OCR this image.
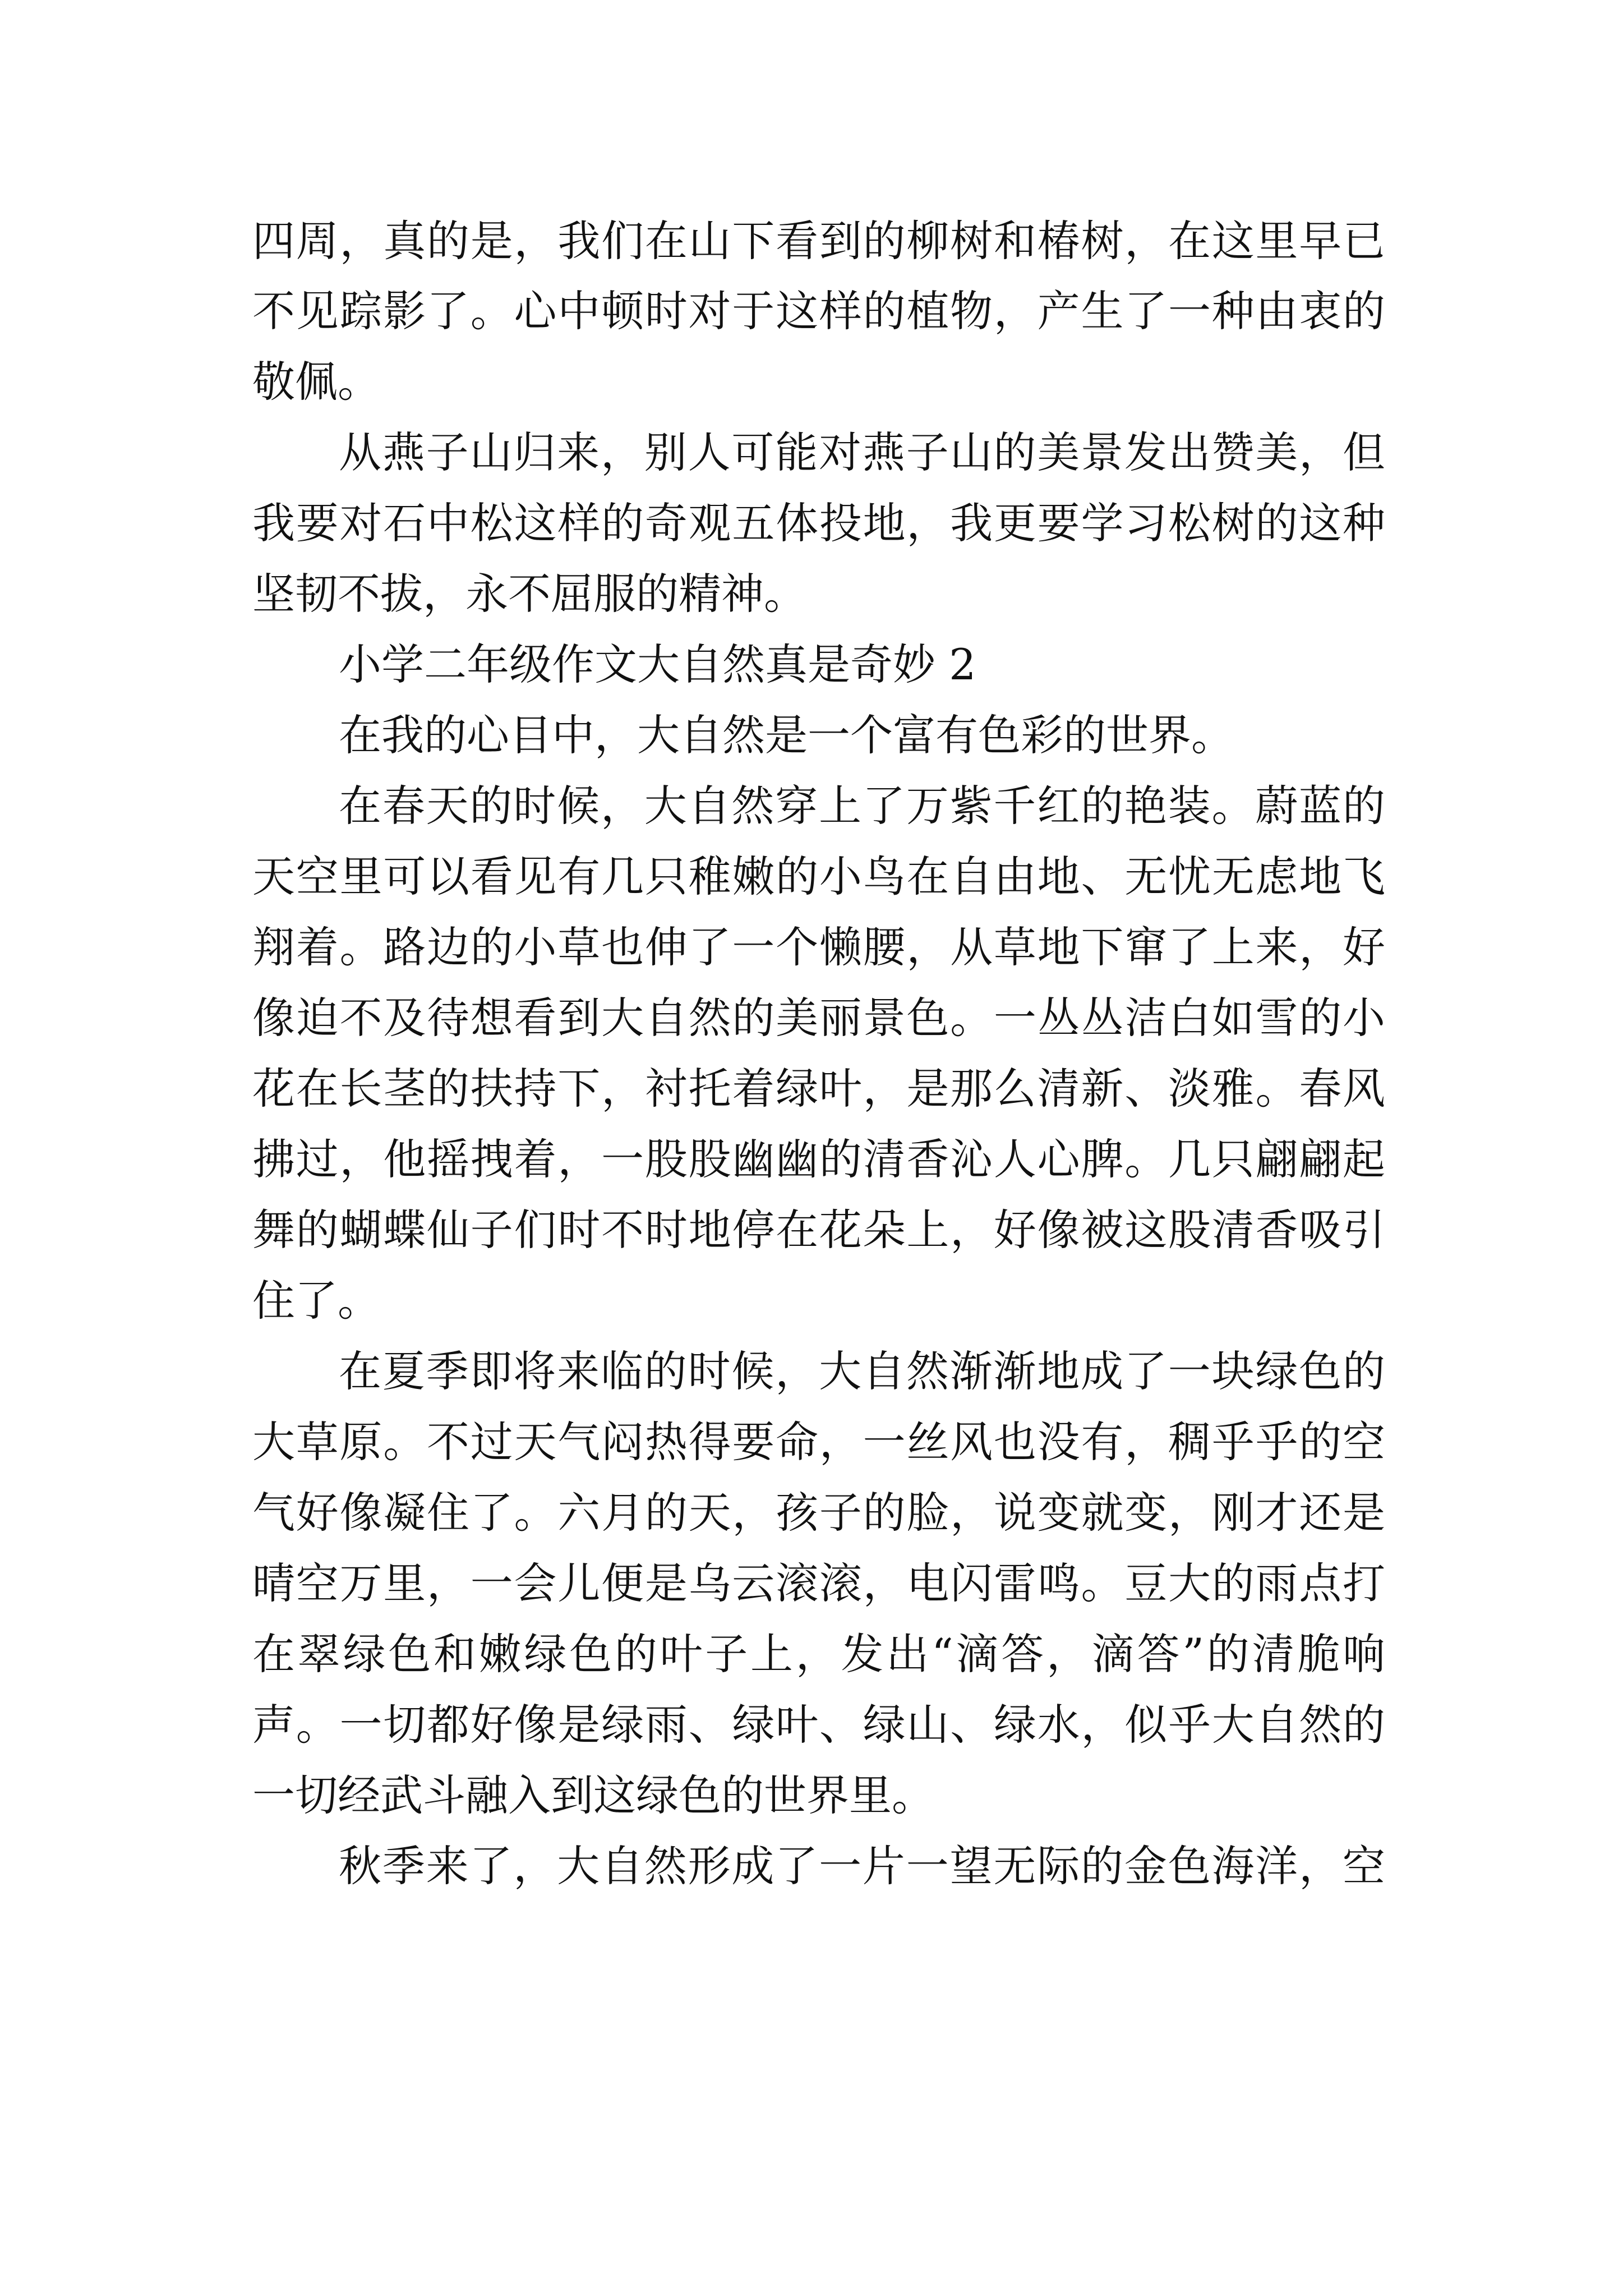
四周，真的是，我们在山下看到的柳树和椿树，在这里早已
不见踪影了。心中顿时对于这样的植物，产生了一种由衷的
敬佩。
从燕子山归来，别人可能对燕子山的美景发出赞美，但
我要对石中松这样的奇观五体投地，我更要学习松树的这种
坚韧不拔，永不屈服的精神。
小学二年级作文大自然真是奇妙 2
在我的心目中，大自然是一个富有色彩的世界。
在春天的时候，大自然穿上了万紫千红的艳装。蔚蓝的
天空里可以看见有几只稚嫩的小鸟在自由地、无忧无虑地飞
翔着。路边的小草也伸了一个懒腰，从草地下窜了上来，好
像迫不及待想看到大自然的美丽景色。一丛丛洁白如雪的小
花在长茎的扶持下，衬托着绿叶，是那么清新、淡雅。春风
拂过，他摇拽着，一股股幽幽的清香沁人心脾。几只翩翩起
舞的蝴蝶仙子们时不时地停在花朵上，好像被这股清香吸引
住了。
在夏季即将来临的时候，大自然渐渐地成了一块绿色的
大草原。不过天气闷热得要命，一丝风也没有，稠乎乎的空
气好像凝住了。六月的天，孩子的脸，说变就变，刚才还是
晴空万里，一会儿便是乌云滚滚，电闪雷鸣。豆大的雨点打
在翠绿色和嫩绿色的叶子上，发出“滴答，滴答”的清脆响
声。一切都好像是绿雨、绿叶、绿山、绿水，似乎大自然的
一切经武斗融入到这绿色的世界里。
秋季来了，大自然形成了一片一望无际的金色海洋，空
